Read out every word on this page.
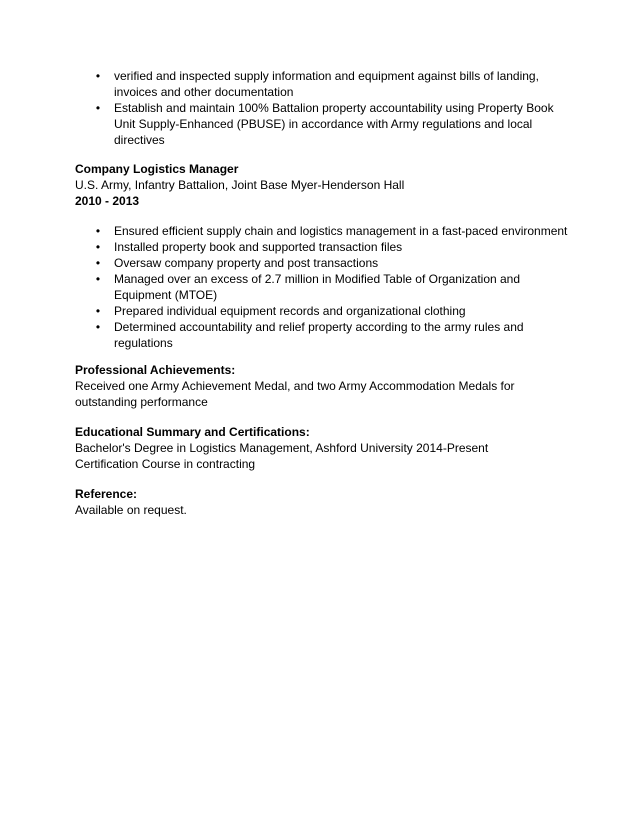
• verified and inspected supply information and equipment against bills of landing, invoices and other documentation
• Establish and maintain 100% Battalion property accountability using Property Book Unit Supply-Enhanced (PBUSE) in accordance with Army regulations and local directives
Company Logistics Manager
U.S. Army, Infantry Battalion, Joint Base Myer-Henderson Hall
2010 - 2013
• Ensured efficient supply chain and logistics management in a fast-paced environment
• Installed property book and supported transaction files
• Oversaw company property and post transactions
• Managed over an excess of 2.7 million in Modified Table of Organization and Equipment (MTOE)
• Prepared individual equipment records and organizational clothing
• Determined accountability and relief property according to the army rules and regulations
Professional Achievements:
Received one Army Achievement Medal, and two Army Accommodation Medals for outstanding performance
Educational Summary and Certifications:
Bachelor's Degree in Logistics Management, Ashford University 2014-Present
Certification Course in contracting
Reference:
Available on request.
